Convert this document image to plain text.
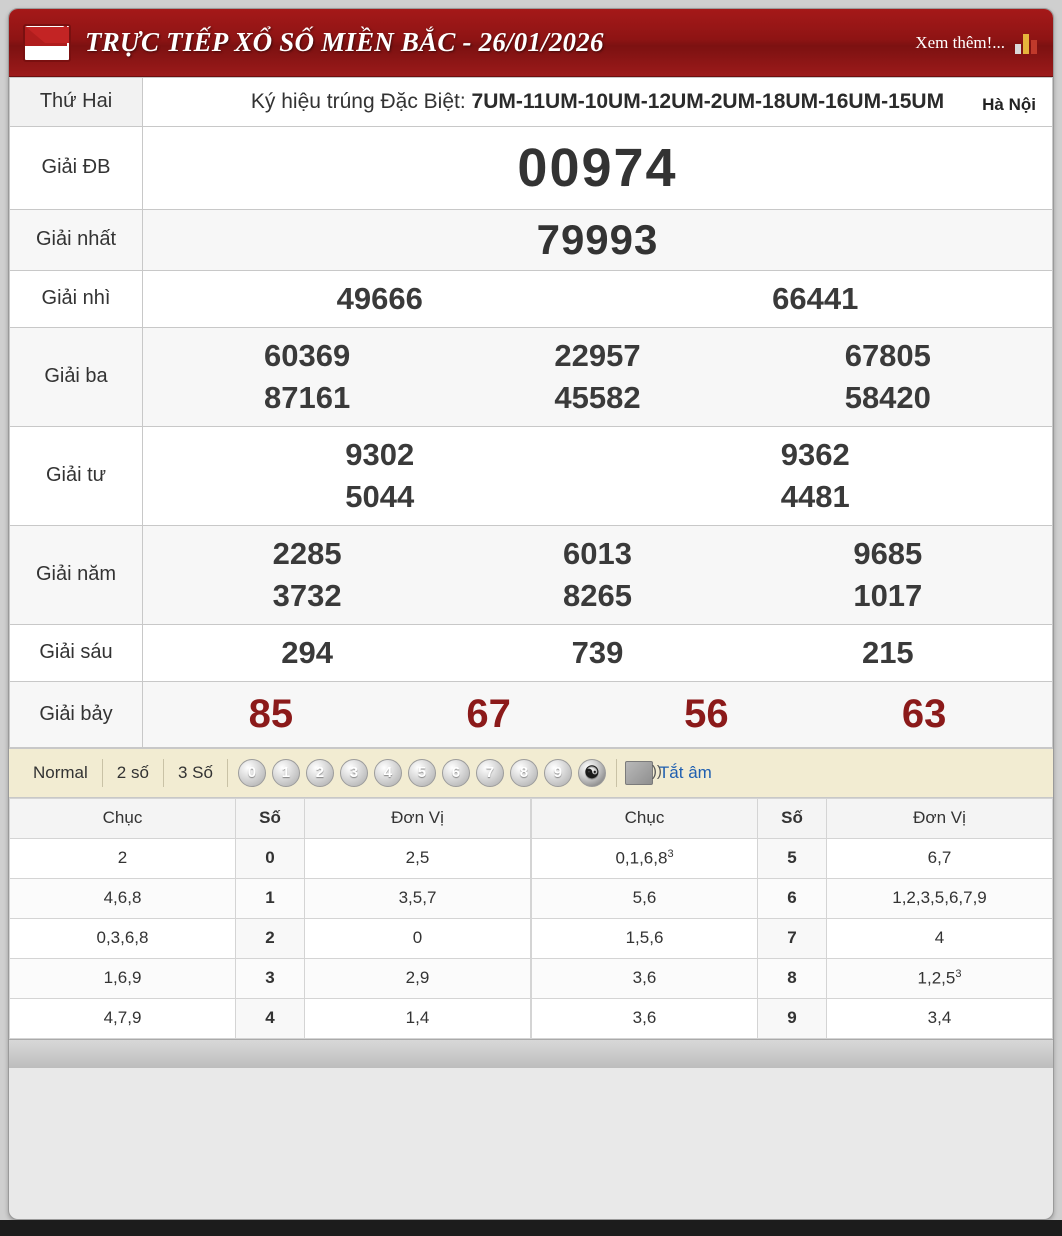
TRỰC TIẾP XỔ SỐ MIỀN BẮC - 26/01/2026	Xem thêm!...
Thứ Hai	Ký hiệu trúng Đặc Biệt: 7UM-11UM-10UM-12UM-2UM-18UM-16UM-15UM Hà Nội

Giải ĐB	00974
Giải nhất	79993
Giải nhì	49666 66441

Giải ba	
60369	22957	67805
87161	45582	58420

Giải tư	9302 9362
5044 4481

Giải năm	
2285	6013	9685
3732	8265	1017

Giải sáu	294 739 215

Giải bảy	85 67 56 63
Normal	2 số	3 Số	0	1	2	3	4	5	6	7	8	9	☯ ))	Tắt âm
Chục	Số	Đơn Vị
2	0	2,5
4,6,8	1	3,5,7
0,3,6,8	2	0
1,6,9	3	2,9
4,7,9	4	1,4
Chục	Số	Đơn Vị
0,1,6,8$^3$	5	6,7
5,6	6	1,2,3,5,6,7,9
1,5,6	7	4
3,6	8	1,2,5$^3$
3,6	9	3,4
